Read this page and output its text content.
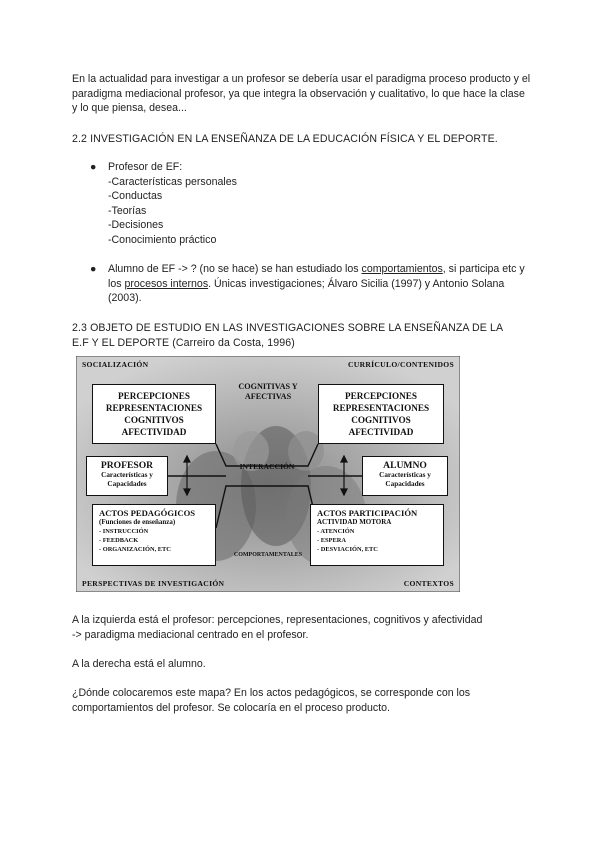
En la actualidad para investigar a un profesor se debería usar el paradigma proceso producto y el paradigma mediacional profesor, ya que integra la observación y cualitativo, lo que hace la clase y lo que piensa, desea...
2.2 INVESTIGACIÓN EN LA ENSEÑANZA DE LA EDUCACIÓN FÍSICA Y EL DEPORTE.
● Profesor de EF:
-Características personales
-Conductas
-Teorías
-Decisiones
-Conocimiento práctico
● Alumno de EF -> ? (no se hace) se han estudiado los comportamientos, si participa etc y los procesos internos. Únicas investigaciones; Álvaro Sicilia (1997) y Antonio Solana (2003).
2.3 OBJETO DE ESTUDIO EN LAS INVESTIGACIONES SOBRE LA ENSEÑANZA DE LA
E.F Y EL DEPORTE (Carreiro da Costa, 1996)
SOCIALIZACIÓN	CURRÍCULO/CONTENIDOS
PERSPECTIVAS DE INVESTIGACIÓN	CONTEXTOS
COGNITIVAS Y
AFECTIVAS
INTERACCIÓN
COMPORTAMENTALES
PERCEPCIONES
REPRESENTACIONES
COGNITIVOS
AFECTIVIDAD
PERCEPCIONES
REPRESENTACIONES
COGNITIVOS
AFECTIVIDAD
PROFESOR
Características y
Capacidades
ALUMNO
Características y
Capacidades
ACTOS PEDAGÓGICOS
(Funciones de enseñanza)
- INSTRUCCIÓN
- FEEDBACK
- ORGANIZACIÓN, ETC
ACTOS PARTICIPACIÓN
ACTIVIDAD MOTORA
- ATENCIÓN
- ESPERA
- DESVIACIÓN, ETC
A la izquierda está el profesor: percepciones, representaciones, cognitivos y afectividad
-> paradigma mediacional centrado en el profesor.
A la derecha está el alumno.
¿Dónde colocaremos este mapa? En los actos pedagógicos, se corresponde con los comportamientos del profesor. Se colocaría en el proceso producto.
